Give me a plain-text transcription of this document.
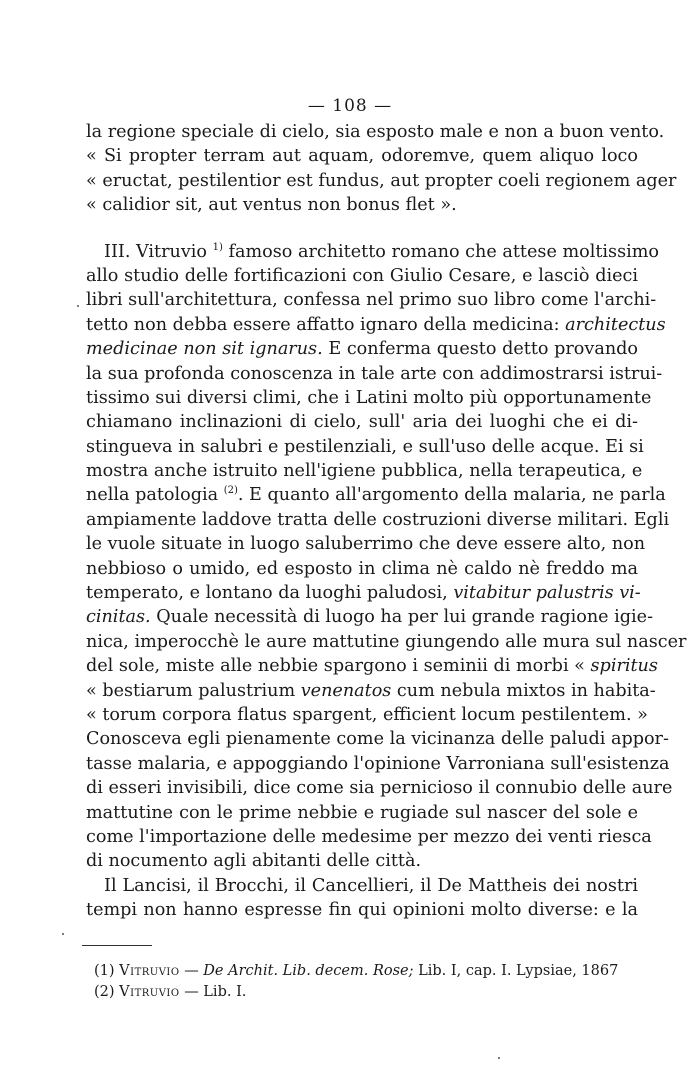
— 108 —
la regione speciale di cielo, sia esposto male e non a buon vento.
« Si propter terram aut aquam, odoremve, quem aliquo loco
« eructat, pestilentior est fundus, aut propter coeli regionem ager
« calidior sit, aut ventus non bonus flet ».
III. Vitruvio $^{1)}$ famoso architetto romano che attese moltissimo
allo studio delle fortificazioni con Giulio Cesare, e lasciò dieci
libri sull'architettura, confessa nel primo suo libro come l'archi-
tetto non debba essere affatto ignaro della medicina: architectus
medicinae non sit ignarus. E conferma questo detto provando
la sua profonda conoscenza in tale arte con addimostrarsi istrui-
tissimo sui diversi climi, che i Latini molto più opportunamente
chiamano inclinazioni di cielo, sull' aria dei luoghi che ei di-
stingueva in salubri e pestilenziali, e sull'uso delle acque. Ei si
mostra anche istruito nell'igiene pubblica, nella terapeutica, e
nella patologia $^{(2)}$. E quanto all'argomento della malaria, ne parla
ampiamente laddove tratta delle costruzioni diverse militari. Egli
le vuole situate in luogo saluberrimo che deve essere alto, non
nebbioso o umido, ed esposto in clima nè caldo nè freddo ma
temperato, e lontano da luoghi paludosi, vitabitur palustris vi-
cinitas. Quale necessità di luogo ha per lui grande ragione igie-
nica, imperocchè le aure mattutine giungendo alle mura sul nascer
del sole, miste alle nebbie spargono i seminii di morbi « spiritus
« bestiarum palustrium venenatos cum nebula mixtos in habita-
« torum corpora flatus spargent, efficient locum pestilentem. »
Conosceva egli pienamente come la vicinanza delle paludi appor-
tasse malaria, e appoggiando l'opinione Varroniana sull'esistenza
di esseri invisibili, dice come sia pernicioso il connubio delle aure
mattutine con le prime nebbie e rugiade sul nascer del sole e
come l'importazione delle medesime per mezzo dei venti riesca
di nocumento agli abitanti delle città.
Il Lancisi, il Brocchi, il Cancellieri, il De Mattheis dei nostri
tempi non hanno espresse fin qui opinioni molto diverse: e la
(1) Vitruvio — De Archit. Lib. decem. Rose; Lib. I, cap. I. Lypsiae, 1867
(2) Vitruvio — Lib. I.
